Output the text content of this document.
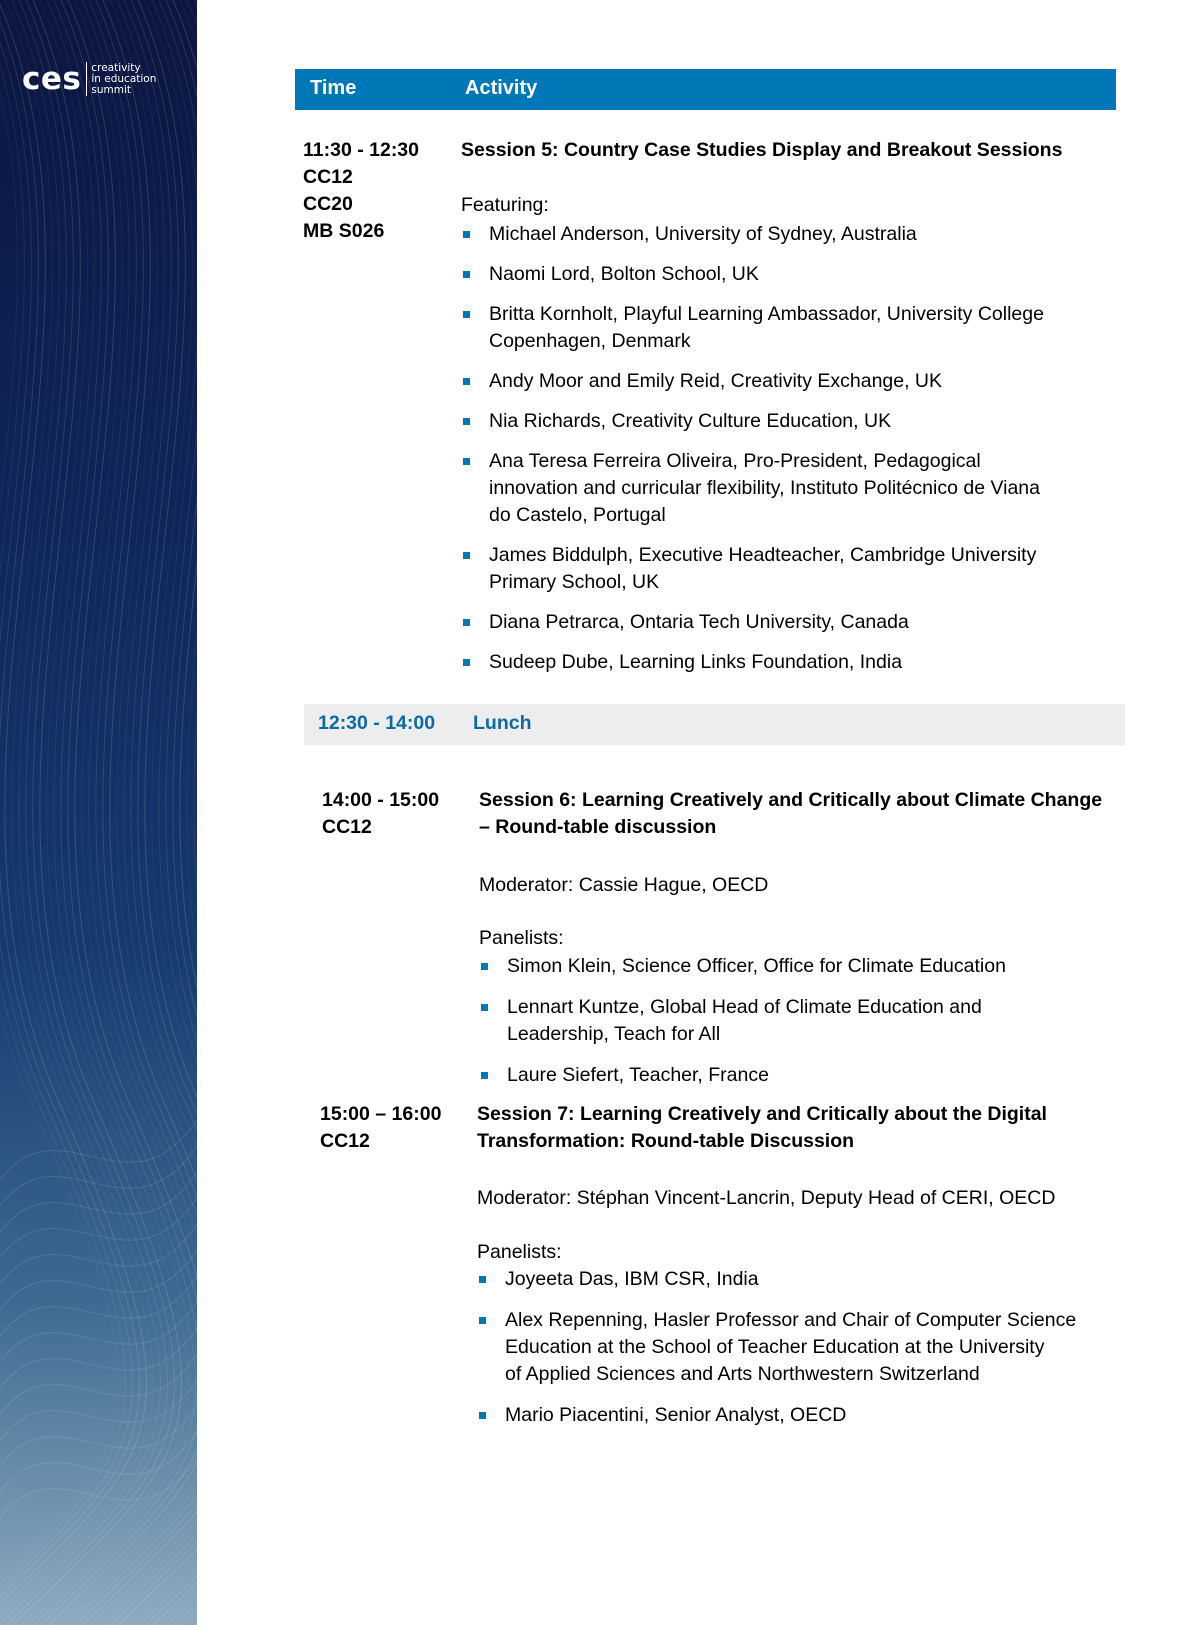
ces creativity
in education
summit	Time	Activity
11:30 - 12:30
CC12
CC20
MB S026
Session 5: Country Case Studies Display and Breakout Sessions
Featuring:
Michael Anderson, University of Sydney, Australia
Naomi Lord, Bolton School, UK
Britta Kornholt, Playful Learning Ambassador, University College
Copenhagen, Denmark
Andy Moor and Emily Reid, Creativity Exchange, UK
Nia Richards, Creativity Culture Education, UK
Ana Teresa Ferreira Oliveira, Pro-President, Pedagogical
innovation and curricular flexibility, Instituto Politécnico de Viana
do Castelo, Portugal
James Biddulph, Executive Headteacher, Cambridge University
Primary School, UK
Diana Petrarca, Ontaria Tech University, Canada
Sudeep Dube, Learning Links Foundation, India
12:30 - 14:00 Lunch
14:00 - 15:00
CC12
Session 6: Learning Creatively and Critically about Climate Change
– Round-table discussion
Moderator: Cassie Hague, OECD
Panelists:
Simon Klein, Science Officer, Office for Climate Education
Lennart Kuntze, Global Head of Climate Education and
Leadership, Teach for All
Laure Siefert, Teacher, France
15:00 – 16:00
CC12
Session 7: Learning Creatively and Critically about the Digital
Transformation: Round-table Discussion
Moderator: Stéphan Vincent-Lancrin, Deputy Head of CERI, OECD
Panelists:
Joyeeta Das, IBM CSR, India
Alex Repenning, Hasler Professor and Chair of Computer Science
Education at the School of Teacher Education at the University
of Applied Sciences and Arts Northwestern Switzerland
Mario Piacentini, Senior Analyst, OECD
